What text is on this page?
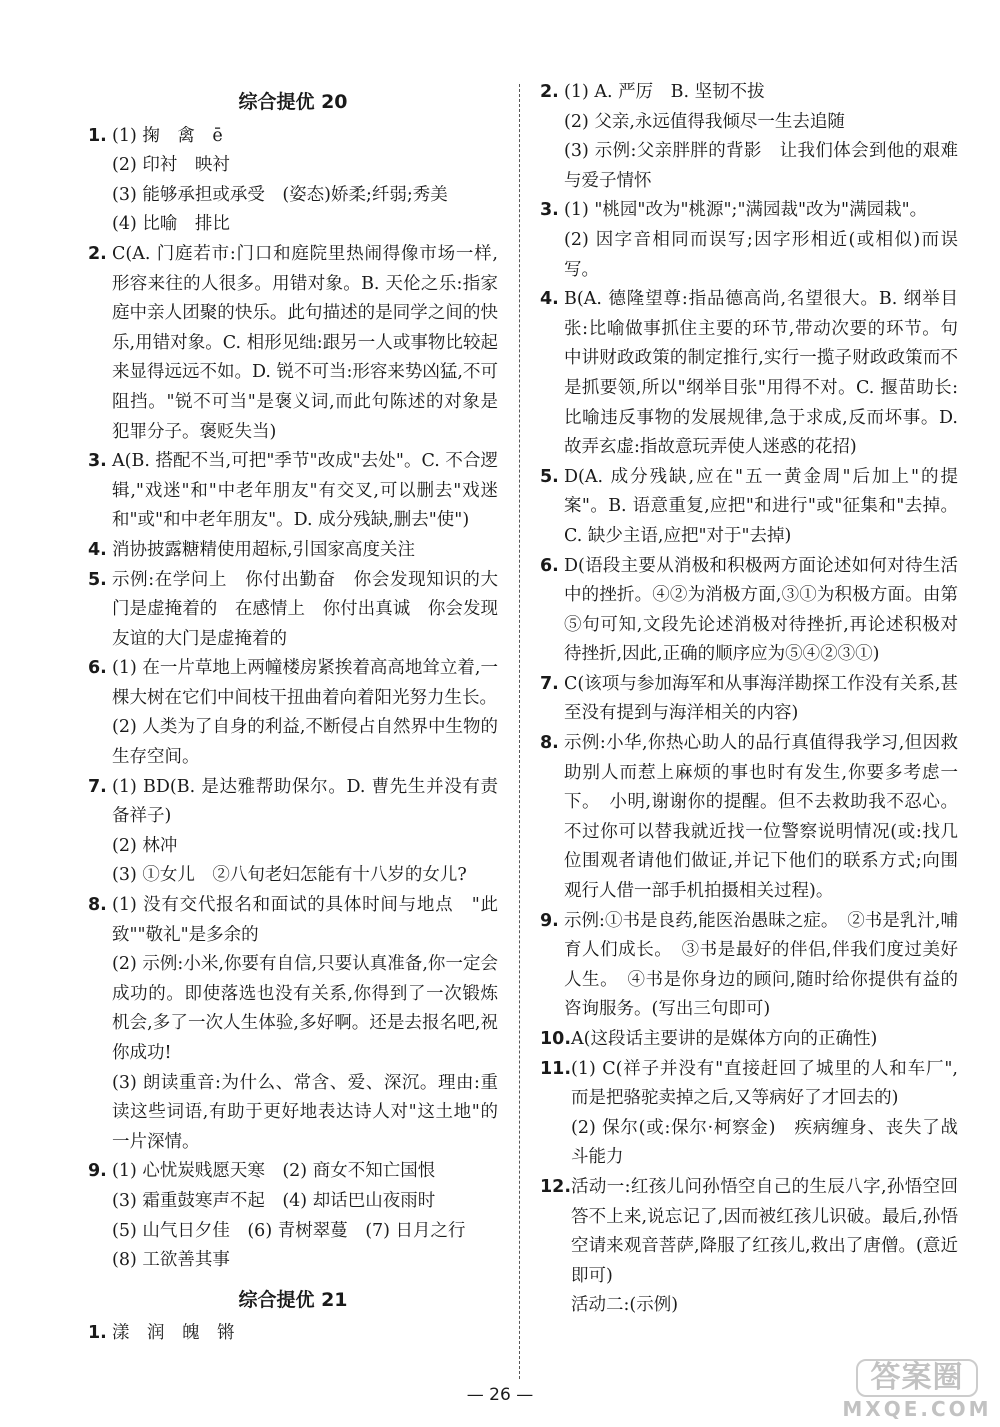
综合提优 20
1. (1) 掬　禽　ē
(2) 印衬　映衬
(3) 能够承担或承受　(姿态)娇柔;纤弱;秀美
(4) 比喻　排比
2. C(A. 门庭若市:门口和庭院里热闹得像市场一样,形容来往的人很多。用错对象。B. 天伦之乐:指家庭中亲人团聚的快乐。此句描述的是同学之间的快乐,用错对象。C. 相形见绌:跟另一人或事物比较起来显得远远不如。D. 锐不可当:形容来势凶猛,不可阻挡。"锐不可当"是褒义词,而此句陈述的对象是犯罪分子。褒贬失当)
3. A(B. 搭配不当,可把"季节"改成"去处"。C. 不合逻辑,"戏迷"和"中老年朋友"有交叉,可以删去"戏迷和"或"和中老年朋友"。D. 成分残缺,删去"使")
4. 消协披露糖精使用超标,引国家高度关注
5. 示例:在学问上　你付出勤奋　你会发现知识的大门是虚掩着的　在感情上　你付出真诚　你会发现友谊的大门是虚掩着的
6. (1) 在一片草地上两幢楼房紧挨着高高地耸立着,一棵大树在它们中间枝干扭曲着向着阳光努力生长。
(2) 人类为了自身的利益,不断侵占自然界中生物的生存空间。
7. (1) BD(B. 是达雅帮助保尔。D. 曹先生并没有责备祥子)
(2) 林冲
(3) ①女儿　②八旬老妇怎能有十八岁的女儿?
8. (1) 没有交代报名和面试的具体时间与地点　"此致""敬礼"是多余的
(2) 示例:小米,你要有自信,只要认真准备,你一定会成功的。即使落选也没有关系,你得到了一次锻炼机会,多了一次人生体验,多好啊。还是去报名吧,祝你成功!
(3) 朗读重音:为什么、常含、爱、深沉。理由:重读这些词语,有助于更好地表达诗人对"这土地"的一片深情。
9. (1) 心忧炭贱愿天寒　(2) 商女不知亡国恨
(3) 霜重鼓寒声不起　(4) 却话巴山夜雨时
(5) 山气日夕佳　(6) 青树翠蔓　(7) 日月之行
(8) 工欲善其事
综合提优 21
1. 漾　润　魄　锵
2. (1) A. 严厉　B. 坚韧不拔
(2) 父亲,永远值得我倾尽一生去追随
(3) 示例:父亲胖胖的背影　让我们体会到他的艰难与爱子情怀
3. (1) "桃园"改为"桃源";"满园裁"改为"满园栽"。
(2) 因字音相同而误写;因字形相近(或相似)而误写。
4. B(A. 德隆望尊:指品德高尚,名望很大。B. 纲举目张:比喻做事抓住主要的环节,带动次要的环节。句中讲财政政策的制定推行,实行一揽子财政政策而不是抓要领,所以"纲举目张"用得不对。C. 揠苗助长:比喻违反事物的发展规律,急于求成,反而坏事。D. 故弄玄虚:指故意玩弄使人迷惑的花招)
5. D(A. 成分残缺,应在"五一黄金周"后加上"的提案"。B. 语意重复,应把"和进行"或"征集和"去掉。C. 缺少主语,应把"对于"去掉)
6. D(语段主要从消极和积极两方面论述如何对待生活中的挫折。④②为消极方面,③①为积极方面。由第⑤句可知,文段先论述消极对待挫折,再论述积极对待挫折,因此,正确的顺序应为⑤④②③①)
7. C(该项与参加海军和从事海洋勘探工作没有关系,甚至没有提到与海洋相关的内容)
8. 示例:小华,你热心助人的品行真值得我学习,但因救助别人而惹上麻烦的事也时有发生,你要多考虑一下。　小明,谢谢你的提醒。但不去救助我不忍心。不过你可以替我就近找一位警察说明情况(或:找几位围观者请他们做证,并记下他们的联系方式;向围观行人借一部手机拍摄相关过程)。
9. 示例:①书是良药,能医治愚昧之症。　②书是乳汁,哺育人们成长。　③书是最好的伴侣,伴我们度过美好人生。　④书是你身边的顾问,随时给你提供有益的咨询服务。(写出三句即可)
10. A(这段话主要讲的是媒体方向的正确性)
11. (1) C(祥子并没有"直接赶回了城里的人和车厂",而是把骆驼卖掉之后,又等病好了才回去的)
(2) 保尔(或:保尔·柯察金)　疾病缠身、丧失了战斗能力
12. 活动一:红孩儿问孙悟空自己的生辰八字,孙悟空回答不上来,说忘记了,因而被红孩儿识破。最后,孙悟空请来观音菩萨,降服了红孩儿,救出了唐僧。(意近即可)
活动二:(示例)
— 26 —	答案圈
MXQE.COM
